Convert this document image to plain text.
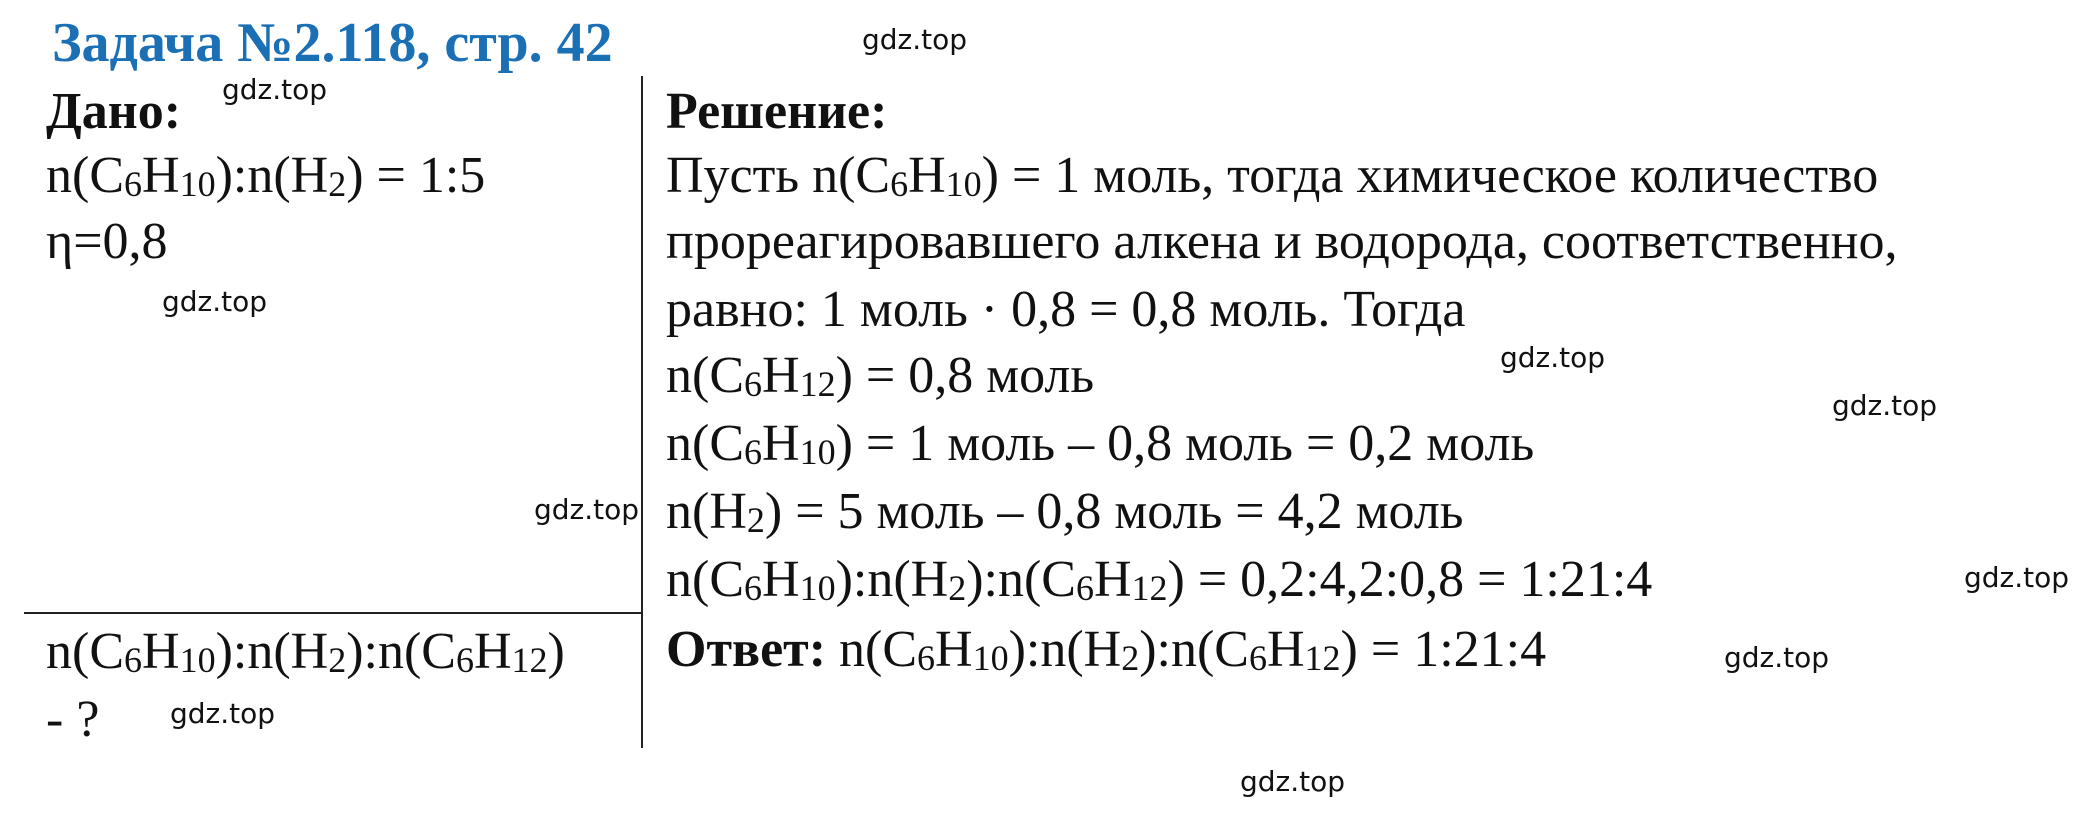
Задача №2.118, стр. 42
Дано:
$n(C_6H_{10}):n(H_2)$ = 1:5
η=0,8
$n(C_6H_{10}):n(H_2):n(C_6H_{12})$
- ?
Решение:
Пусть $n(C_6H_{10}) = 1$ моль, тогда химическое количество
прореагировавшего алкена и водорода, соответственно,
равно: 1 моль · 0,8 = 0,8 моль. Тогда
$n(C_6H_{12}) = 0,8$ моль
$n(C_6H_{10}) = 1$ моль – 0,8 моль = 0,2 моль
$n(H_2) = 5$ моль – 0,8 моль = 4,2 моль
$n(C_6H_{10}):n(H_2):n(C_6H_{12})$ = 0,2:4,2:0,8 = 1:21:4
Ответ: $n(C_6H_{10}):n(H_2):n(C_6H_{12})$ = 1:21:4
gdz.top
gdz.top
gdz.top
gdz.top
gdz.top
gdz.top
gdz.top
gdz.top
gdz.top
gdz.top
